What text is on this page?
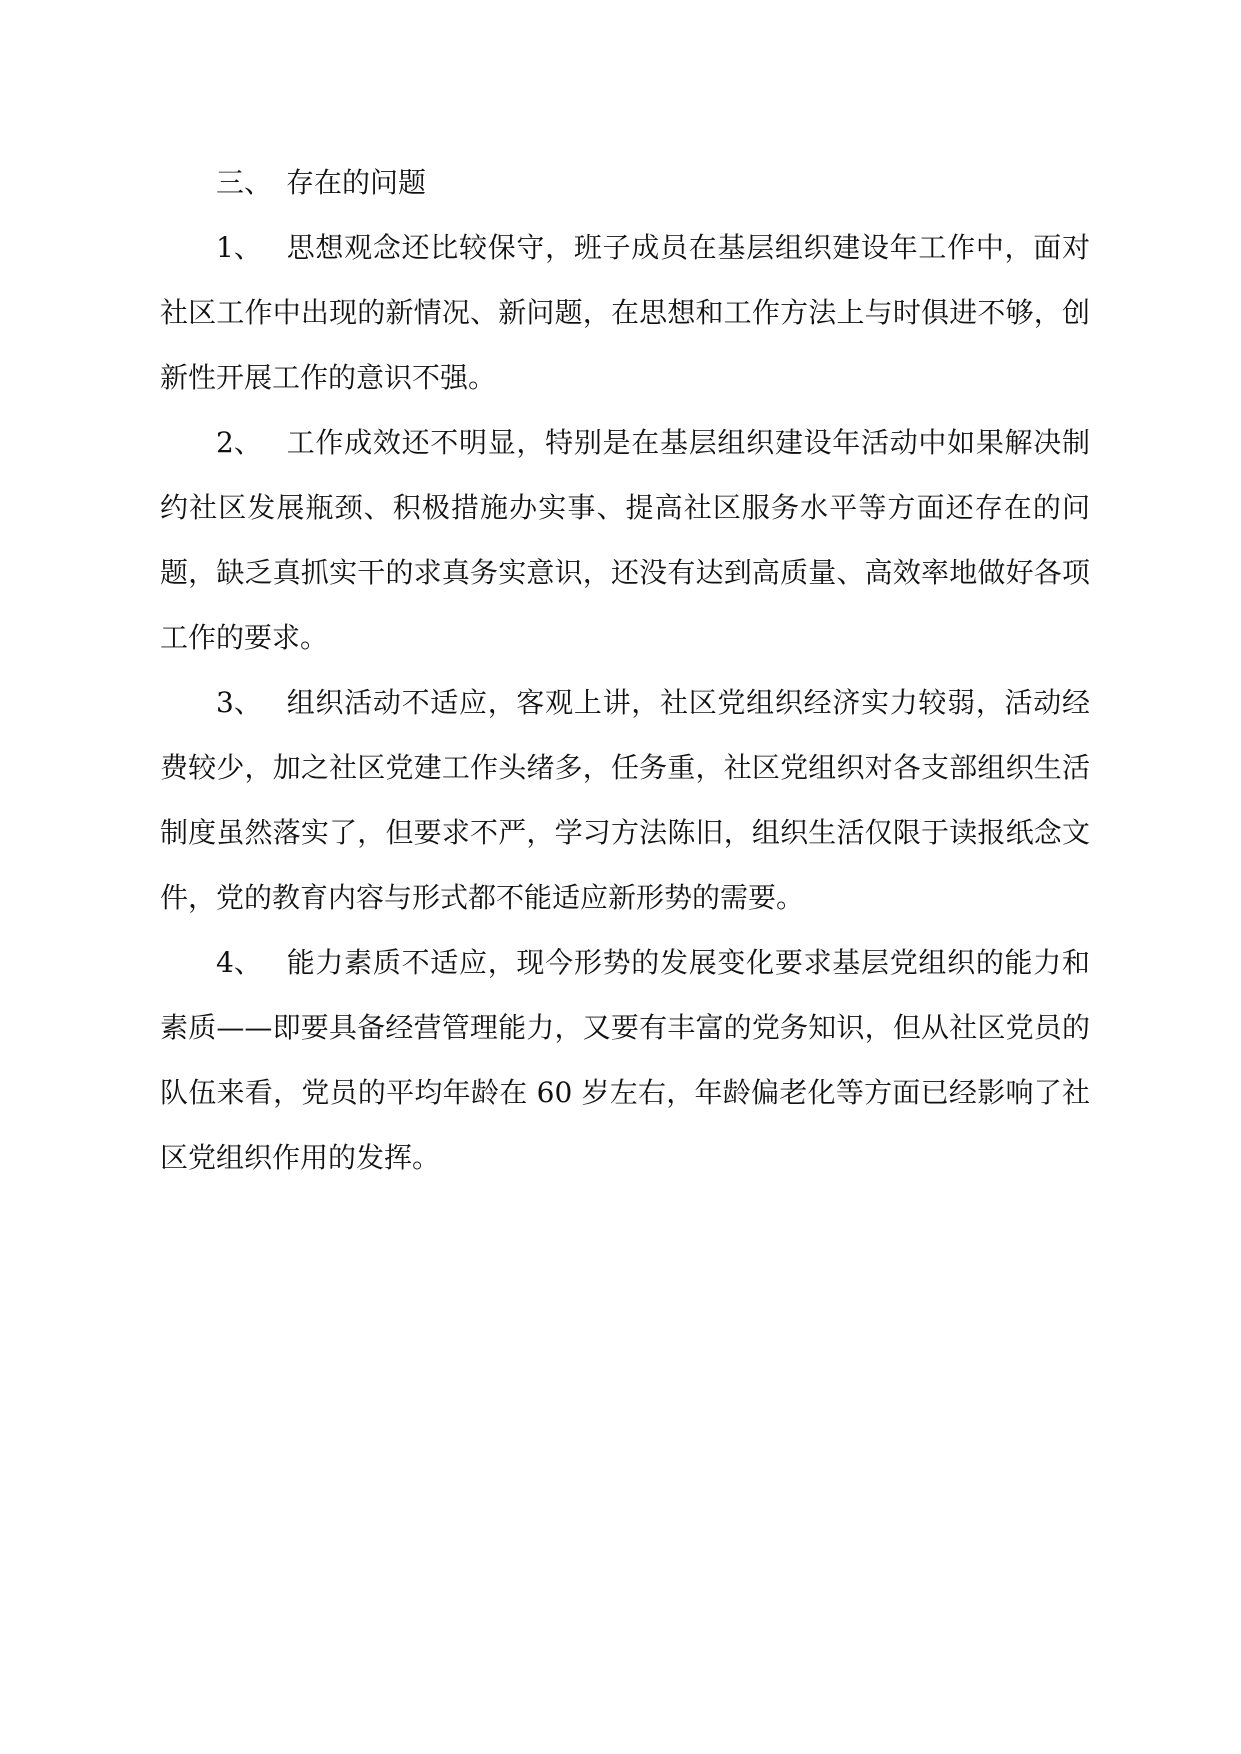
三、 存在的问题

1、 思想观念还比较保守，班子成员在基层组织建设年工作中，面对社区工作中出现的新情况、新问题，在思想和工作方法上与时俱进不够，创新性开展工作的意识不强。

2、 工作成效还不明显，特别是在基层组织建设年活动中如果解决制约社区发展瓶颈、积极措施办实事、提高社区服务水平等方面还存在的问题，缺乏真抓实干的求真务实意识，还没有达到高质量、高效率地做好各项工作的要求。

3、 组织活动不适应，客观上讲，社区党组织经济实力较弱，活动经费较少，加之社区党建工作头绪多，任务重，社区党组织对各支部组织生活制度虽然落实了，但要求不严，学习方法陈旧，组织生活仅限于读报纸念文件，党的教育内容与形式都不能适应新形势的需要。

4、 能力素质不适应，现今形势的发展变化要求基层党组织的能力和素质——即要具备经营管理能力，又要有丰富的党务知识，但从社区党员的队伍来看，党员的平均年龄在 60 岁左右，年龄偏老化等方面已经影响了社区党组织作用的发挥。
